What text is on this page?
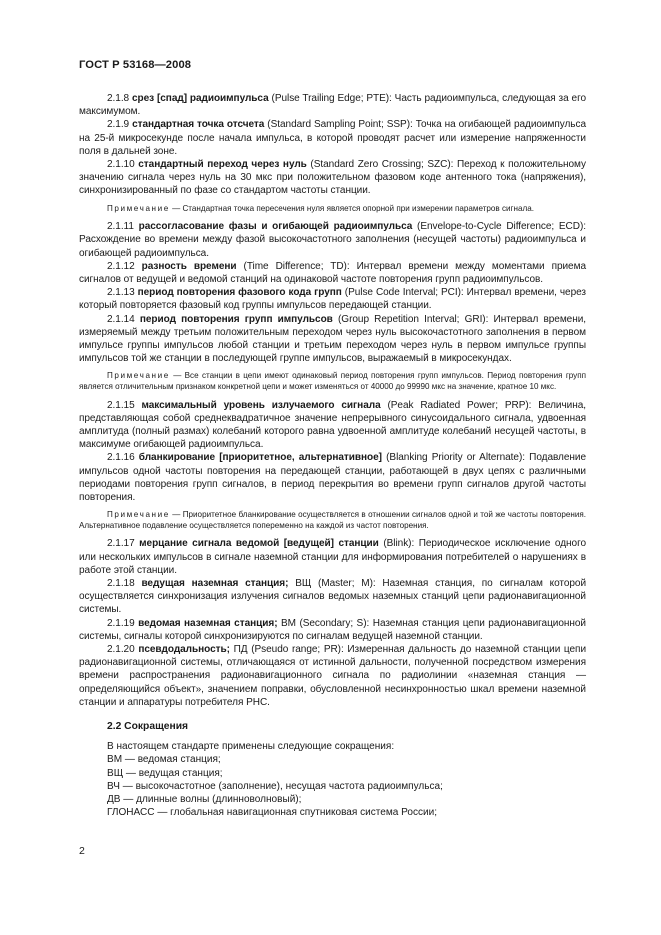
ГОСТ Р 53168—2008

2.1.8 срез [спад] радиоимпульса (Pulse Trailing Edge; PTE): Часть радиоимпульса, следующая за его максимумом.

2.1.9 стандартная точка отсчета (Standard Sampling Point; SSP): Точка на огибающей радиоимпульса на 25-й микросекунде после начала импульса, в которой проводят расчет или измерение напряженности поля в дальней зоне.

2.1.10 стандартный переход через нуль (Standard Zero Crossing; SZC): Переход к положительному значению сигнала через нуль на 30 мкс при положительном фазовом коде антенного тока (напряжения), синхронизированный по фазе со стандартом частоты станции.

Примечание — Стандартная точка пересечения нуля является опорной при измерении параметров сигнала.

2.1.11 рассогласование фазы и огибающей радиоимпульса (Envelope-to-Cycle Difference; ECD): Расхождение во времени между фазой высокочастотного заполнения (несущей частоты) радиоимпульса и огибающей радиоимпульса.

2.1.12 разность времени (Time Difference; TD): Интервал времени между моментами приема сигналов от ведущей и ведомой станций на одинаковой частоте повторения групп радиоимпульсов.

2.1.13 период повторения фазового кода групп (Pulse Code Interval; PCI): Интервал времени, через который повторяется фазовый код группы импульсов передающей станции.

2.1.14 период повторения групп импульсов (Group Repetition Interval; GRI): Интервал времени, измеряемый между третьим положительным переходом через нуль высокочастотного заполнения в первом импульсе группы импульсов любой станции и третьим переходом через нуль в первом импульсе группы импульсов той же станции в последующей группе импульсов, выражаемый в микросекундах.

Примечание — Все станции в цепи имеют одинаковый период повторения групп импульсов. Период повторения групп является отличительным признаком конкретной цепи и может изменяться от 40000 до 99990 мкс на значение, кратное 10 мкс.

2.1.15 максимальный уровень излучаемого сигнала (Peak Radiated Power; PRP): Величина, представляющая собой среднеквадратичное значение непрерывного синусоидального сигнала, удвоенная амплитуда (полный размах) колебаний которого равна удвоенной амплитуде колебаний несущей частоты, в максимуме огибающей радиоимпульса.

2.1.16 бланкирование [приоритетное, альтернативное] (Blanking Priority or Alternate): Подавление импульсов одной частоты повторения на передающей станции, работающей в двух цепях с различными периодами повторения групп сигналов, в период перекрытия во времени групп сигналов другой частоты повторения.

Примечание — Приоритетное бланкирование осуществляется в отношении сигналов одной и той же частоты повторения. Альтернативное подавление осуществляется попеременно на каждой из частот повторения.

2.1.17 мерцание сигнала ведомой [ведущей] станции (Blink): Периодическое исключение одного или нескольких импульсов в сигнале наземной станции для информирования потребителей о нарушениях в работе этой станции.

2.1.18 ведущая наземная станция; ВЩ (Master; M): Наземная станция, по сигналам которой осуществляется синхронизация излучения сигналов ведомых наземных станций цепи радионавигационной системы.

2.1.19 ведомая наземная станция; ВМ (Secondary; S): Наземная станция цепи радионавигационной системы, сигналы которой синхронизируются по сигналам ведущей наземной станции.

2.1.20 псевдодальность; ПД (Pseudo range; PR): Измеренная дальность до наземной станции цепи радионавигационной системы, отличающаяся от истинной дальности, полученной посредством измерения времени распространения радионавигационного сигнала по радиолинии «наземная станция — определяющийся объект», значением поправки, обусловленной несинхронностью шкал времени наземной станции и аппаратуры потребителя РНС.

2.2 Сокращения

В настоящем стандарте применены следующие сокращения:

ВМ — ведомая станция;

ВЩ — ведущая станция;

ВЧ — высокочастотное (заполнение), несущая частота радиоимпульса;

ДВ — длинные волны (длинноволновый);

ГЛОНАСС — глобальная навигационная спутниковая система России;

2
